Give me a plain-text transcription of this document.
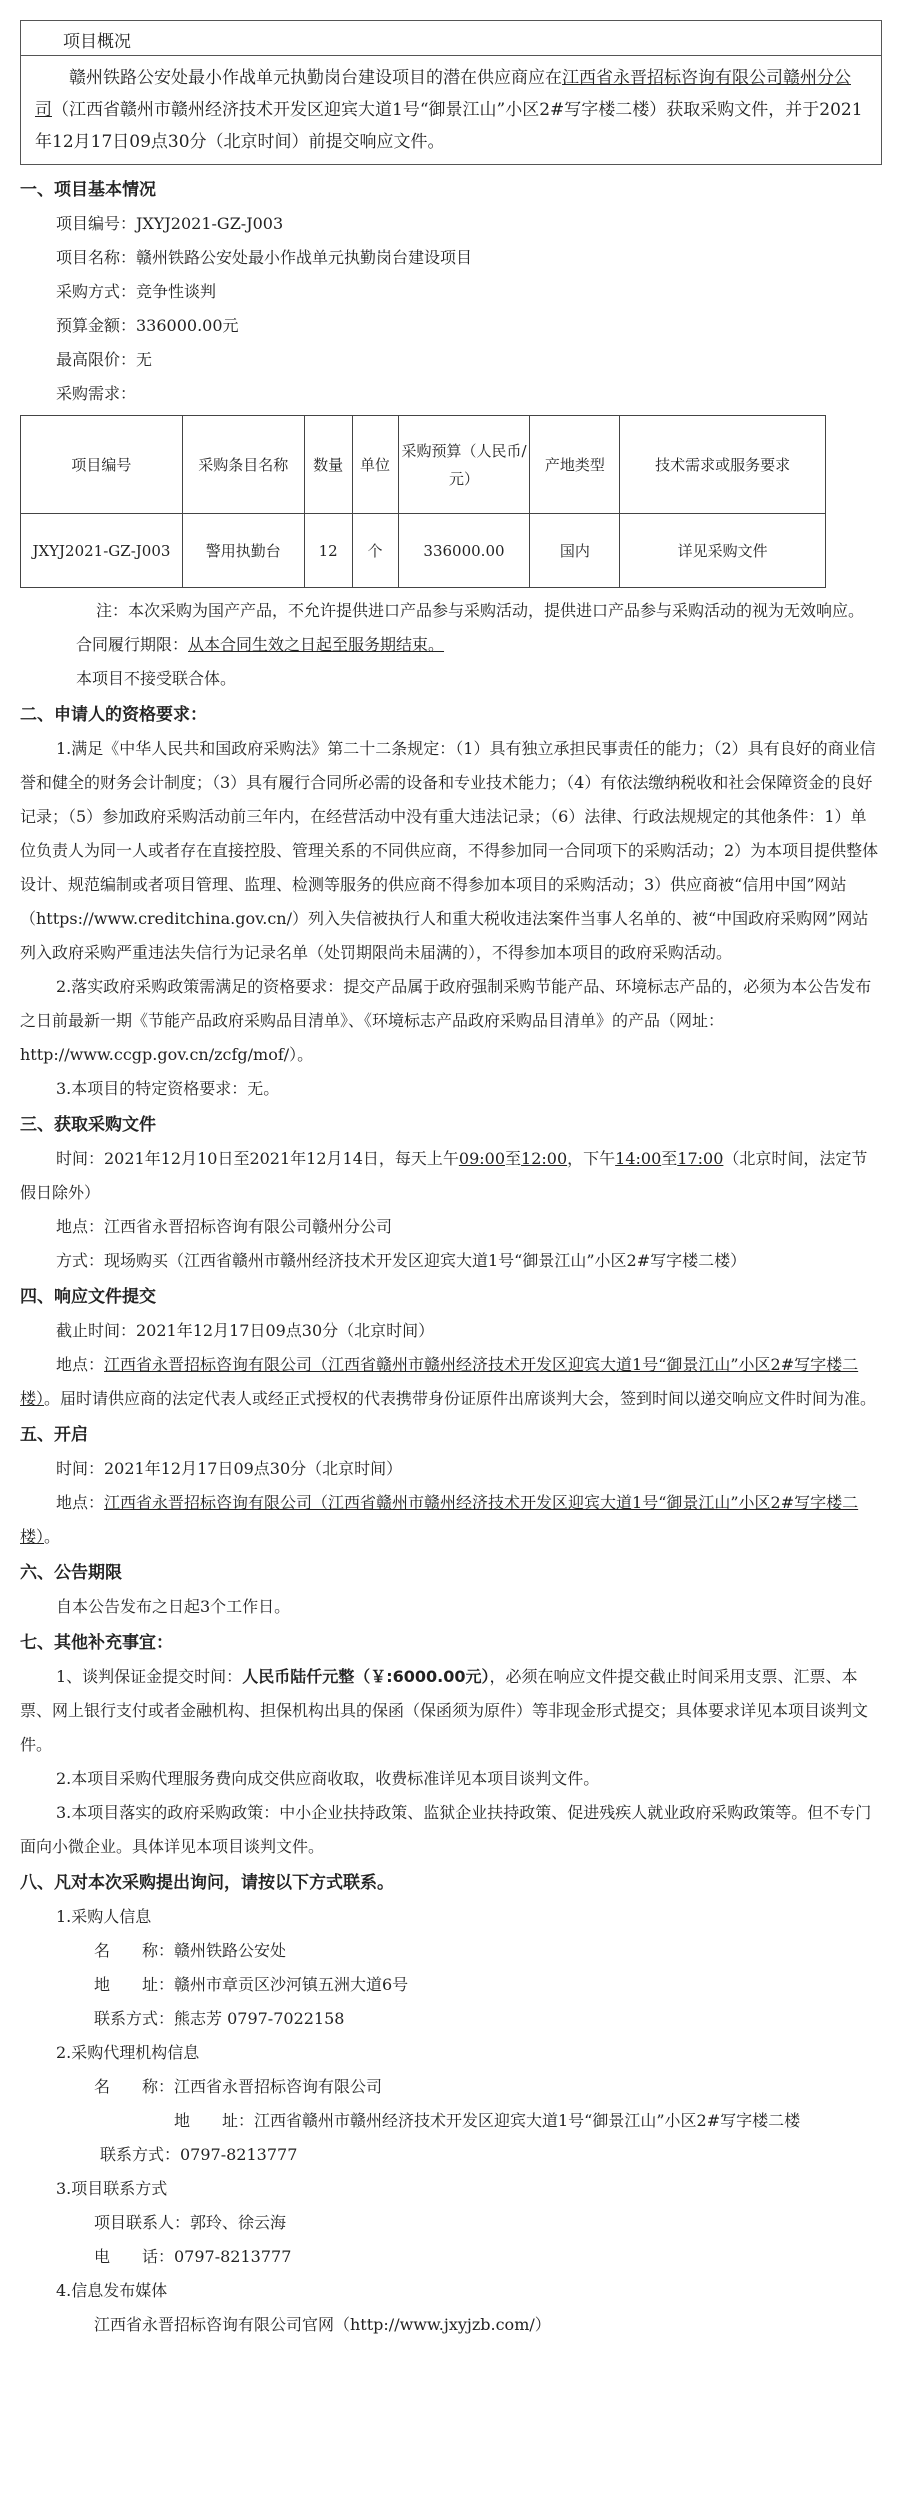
项目概况
赣州铁路公安处最小作战单元执勤岗台建设项目的潜在供应商应在江西省永晋招标咨询有限公司赣州分公司（江西省赣州市赣州经济技术开发区迎宾大道1号“御景江山”小区2#写字楼二楼）获取采购文件，并于2021年12月17日09点30分（北京时间）前提交响应文件。
一、项目基本情况
项目编号：JXYJ2021-GZ-J003
项目名称：赣州铁路公安处最小作战单元执勤岗台建设项目
采购方式：竞争性谈判
预算金额：336000.00元
最高限价：无
采购需求：
项目编号	采购条目名称	数量	单位	采购预算（人民币/元）	产地类型	技术需求或服务要求
JXYJ2021-GZ-J003	警用执勤台	12	个	336000.00	国内	详见采购文件
注：本次采购为国产产品，不允许提供进口产品参与采购活动，提供进口产品参与采购活动的视为无效响应。
合同履行期限：从本合同生效之日起至服务期结束。
本项目不接受联合体。
二、申请人的资格要求：
1.满足《中华人民共和国政府采购法》第二十二条规定：（1）具有独立承担民事责任的能力；（2）具有良好的商业信誉和健全的财务会计制度；（3）具有履行合同所必需的设备和专业技术能力；（4）有依法缴纳税收和社会保障资金的良好记录；（5）参加政府采购活动前三年内，在经营活动中没有重大违法记录；（6）法律、行政法规规定的其他条件：1）单位负责人为同一人或者存在直接控股、管理关系的不同供应商，不得参加同一合同项下的采购活动；2）为本项目提供整体设计、规范编制或者项目管理、监理、检测等服务的供应商不得参加本项目的采购活动；3）供应商被“信用中国”网站（https://www.creditchina.gov.cn/）列入失信被执行人和重大税收违法案件当事人名单的、被“中国政府采购网”网站列入政府采购严重违法失信行为记录名单（处罚期限尚未届满的），不得参加本项目的政府采购活动。
2.落实政府采购政策需满足的资格要求：提交产品属于政府强制采购节能产品、环境标志产品的，必须为本公告发布之日前最新一期《节能产品政府采购品目清单》、《环境标志产品政府采购品目清单》的产品（网址：http://www.ccgp.gov.cn/zcfg/mof/）。
3.本项目的特定资格要求：无。
三、获取采购文件
时间：2021年12月10日至2021年12月14日，每天上午09:00至12:00，下午14:00至17:00（北京时间，法定节假日除外）
地点：江西省永晋招标咨询有限公司赣州分公司
方式：现场购买（江西省赣州市赣州经济技术开发区迎宾大道1号“御景江山”小区2#写字楼二楼）
四、响应文件提交
截止时间：2021年12月17日09点30分（北京时间）
地点：江西省永晋招标咨询有限公司（江西省赣州市赣州经济技术开发区迎宾大道1号“御景江山”小区2#写字楼二楼）。届时请供应商的法定代表人或经正式授权的代表携带身份证原件出席谈判大会，签到时间以递交响应文件时间为准。
五、开启
时间：2021年12月17日09点30分（北京时间）
地点：江西省永晋招标咨询有限公司（江西省赣州市赣州经济技术开发区迎宾大道1号“御景江山”小区2#写字楼二楼）。
六、公告期限
自本公告发布之日起3个工作日。
七、其他补充事宜：
1、谈判保证金提交时间：人民币陆仟元整（￥:6000.00元），必须在响应文件提交截止时间采用支票、汇票、本票、网上银行支付或者金融机构、担保机构出具的保函（保函须为原件）等非现金形式提交；具体要求详见本项目谈判文件。
2.本项目采购代理服务费向成交供应商收取，收费标准详见本项目谈判文件。
3.本项目落实的政府采购政策：中小企业扶持政策、监狱企业扶持政策、促进残疾人就业政府采购政策等。但不专门面向小微企业。具体详见本项目谈判文件。
八、凡对本次采购提出询问，请按以下方式联系。
1.采购人信息
名　　称：赣州铁路公安处
地　　址：赣州市章贡区沙河镇五洲大道6号
联系方式：熊志芳 0797-7022158
2.采购代理机构信息
名　　称：江西省永晋招标咨询有限公司
地　　址：江西省赣州市赣州经济技术开发区迎宾大道1号“御景江山”小区2#写字楼二楼
联系方式：0797-8213777
3.项目联系方式
项目联系人：郭玲、徐云海
电　　话：0797-8213777
4.信息发布媒体
江西省永晋招标咨询有限公司官网（http://www.jxyjzb.com/）
